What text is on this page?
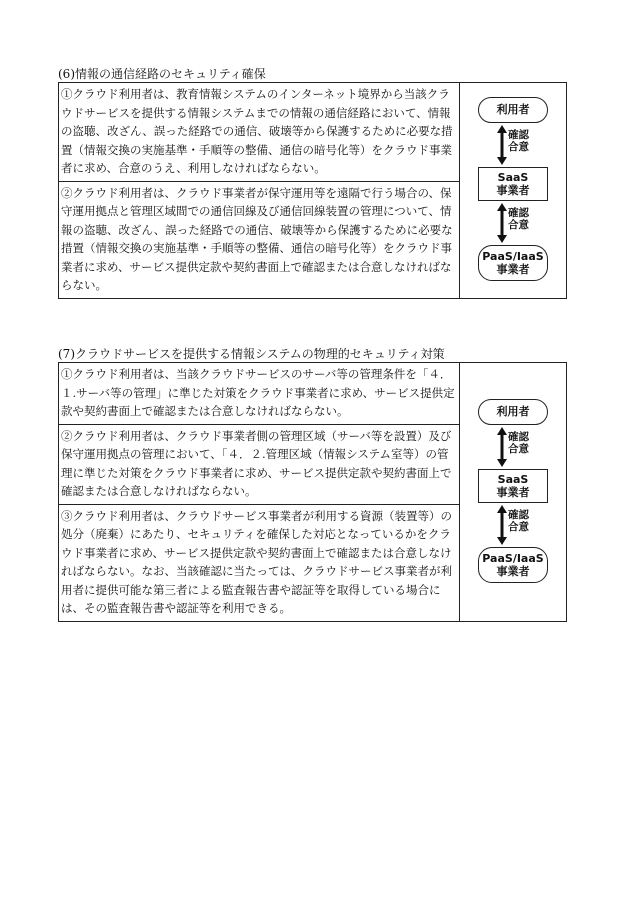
(6)情報の通信経路のセキュリティ確保
①クラウド利用者は、教育情報システムのインターネット境界から当該クラウドサービスを提供する情報システムまでの情報の通信経路において、情報の盗聴、改ざん、誤った経路での通信、破壊等から保護するために必要な措置（情報交換の実施基準・手順等の整備、通信の暗号化等）をクラウド事業者に求め、合意のうえ、利用しなければならない。
②クラウド利用者は、クラウド事業者が保守運用等を遠隔で行う場合の、保守運用拠点と管理区域間での通信回線及び通信回線装置の管理について、情報の盗聴、改ざん、誤った経路での通信、破壊等から保護するために必要な措置（情報交換の実施基準・手順等の整備、通信の暗号化等）をクラウド事業者に求め、サービス提供定款や契約書面上で確認または合意しなければならない。

利用者
確認
合意
SaaS
事業者
確認
合意
PaaS/IaaS
事業者
(7)クラウドサービスを提供する情報システムの物理的セキュリティ対策
①クラウド利用者は、当該クラウドサービスのサーバ等の管理条件を「４．１.サーバ等の管理」に準じた対策をクラウド事業者に求め、サービス提供定款や契約書面上で確認または合意しなければならない。
②クラウド利用者は、クラウド事業者側の管理区域（サーバ等を設置）及び保守運用拠点の管理において、「４．２.管理区域（情報システム室等）の管理に準じた対策をクラウド事業者に求め、サービス提供定款や契約書面上で確認または合意しなければならない。
③クラウド利用者は、クラウドサービス事業者が利用する資源（装置等）の処分（廃棄）にあたり、セキュリティを確保した対応となっているかをクラウド事業者に求め、サービス提供定款や契約書面上で確認または合意しなければならない。なお、当該確認に当たっては、クラウドサービス事業者が利用者に提供可能な第三者による監査報告書や認証等を取得している場合には、その監査報告書や認証等を利用できる。

利用者
確認
合意
SaaS
事業者
確認
合意
PaaS/IaaS
事業者
